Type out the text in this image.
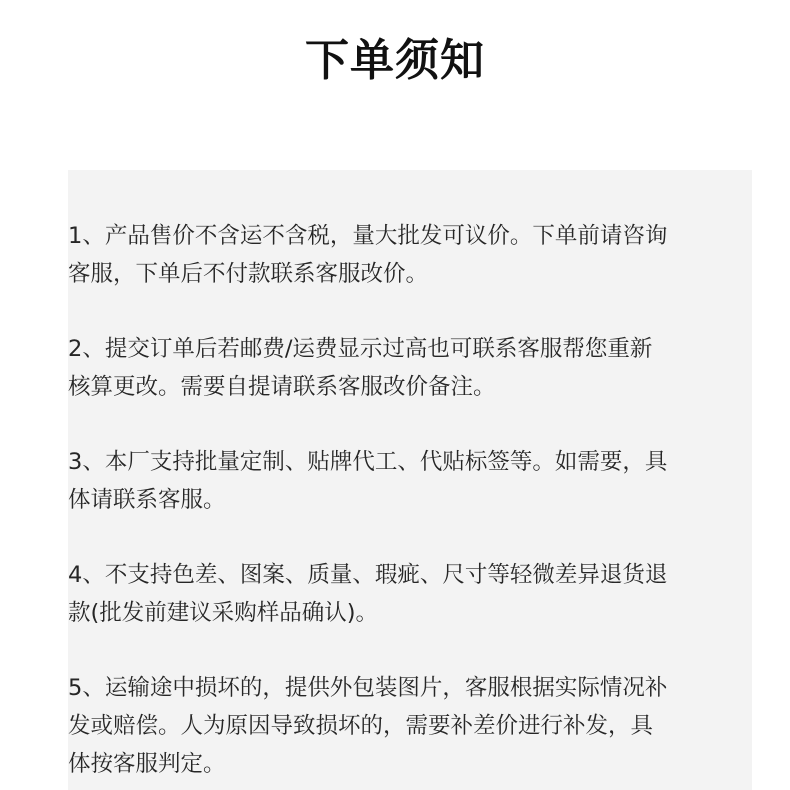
下单须知
1、产品售价不含运不含税，量大批发可议价。下单前请咨询
客服，下单后不付款联系客服改价。
2、提交订单后若邮费/运费显示过高也可联系客服帮您重新
核算更改。需要自提请联系客服改价备注。
3、本厂支持批量定制、贴牌代工、代贴标签等。如需要，具
体请联系客服。
4、不支持色差、图案、质量、瑕疵、尺寸等轻微差异退货退
款(批发前建议采购样品确认)。
5、运输途中损坏的，提供外包装图片，客服根据实际情况补
发或赔偿。人为原因导致损坏的，需要补差价进行补发，具
体按客服判定。
